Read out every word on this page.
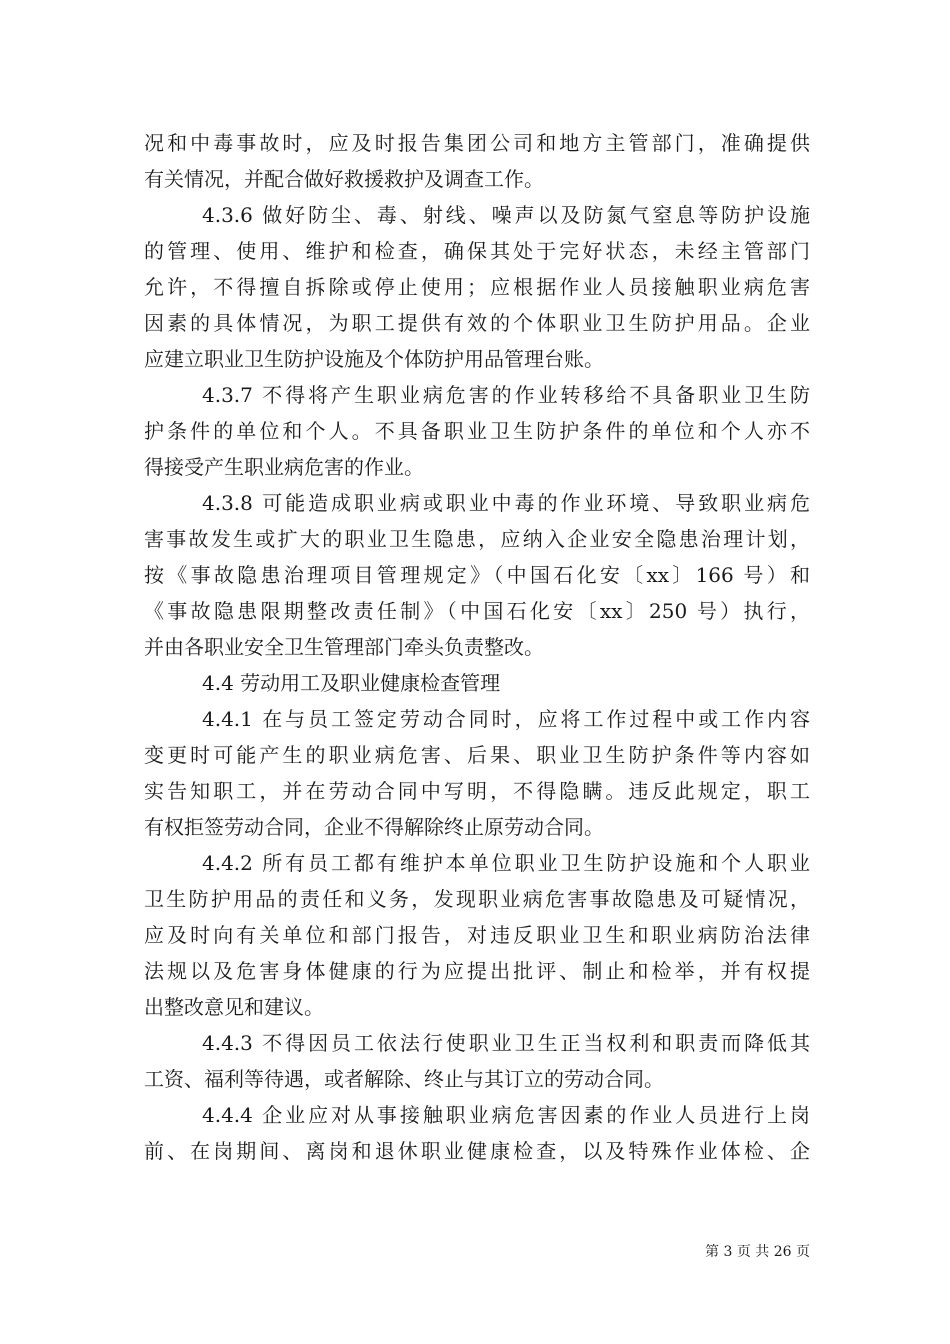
况和中毒事故时，应及时报告集团公司和地方主管部门，准确提供
有关情况，并配合做好救援救护及调查工作。
4.3.6 做好防尘、毒、射线、噪声以及防氮气窒息等防护设施
的管理、使用、维护和检查，确保其处于完好状态，未经主管部门
允许，不得擅自拆除或停止使用；应根据作业人员接触职业病危害
因素的具体情况，为职工提供有效的个体职业卫生防护用品。企业
应建立职业卫生防护设施及个体防护用品管理台账。
4.3.7 不得将产生职业病危害的作业转移给不具备职业卫生防
护条件的单位和个人。不具备职业卫生防护条件的单位和个人亦不
得接受产生职业病危害的作业。
4.3.8 可能造成职业病或职业中毒的作业环境、导致职业病危
害事故发生或扩大的职业卫生隐患，应纳入企业安全隐患治理计划，
按《事故隐患治理项目管理规定》（中国石化安〔xx〕166 号）和
《事故隐患限期整改责任制》（中国石化安〔xx〕250 号）执行，
并由各职业安全卫生管理部门牵头负责整改。
4.4 劳动用工及职业健康检查管理
4.4.1 在与员工签定劳动合同时，应将工作过程中或工作内容
变更时可能产生的职业病危害、后果、职业卫生防护条件等内容如
实告知职工，并在劳动合同中写明，不得隐瞒。违反此规定，职工
有权拒签劳动合同，企业不得解除终止原劳动合同。
4.4.2 所有员工都有维护本单位职业卫生防护设施和个人职业
卫生防护用品的责任和义务，发现职业病危害事故隐患及可疑情况，
应及时向有关单位和部门报告，对违反职业卫生和职业病防治法律
法规以及危害身体健康的行为应提出批评、制止和检举，并有权提
出整改意见和建议。
4.4.3 不得因员工依法行使职业卫生正当权利和职责而降低其
工资、福利等待遇，或者解除、终止与其订立的劳动合同。
4.4.4 企业应对从事接触职业病危害因素的作业人员进行上岗
前、在岗期间、离岗和退休职业健康检查，以及特殊作业体检、企
第 3 页 共 26 页
